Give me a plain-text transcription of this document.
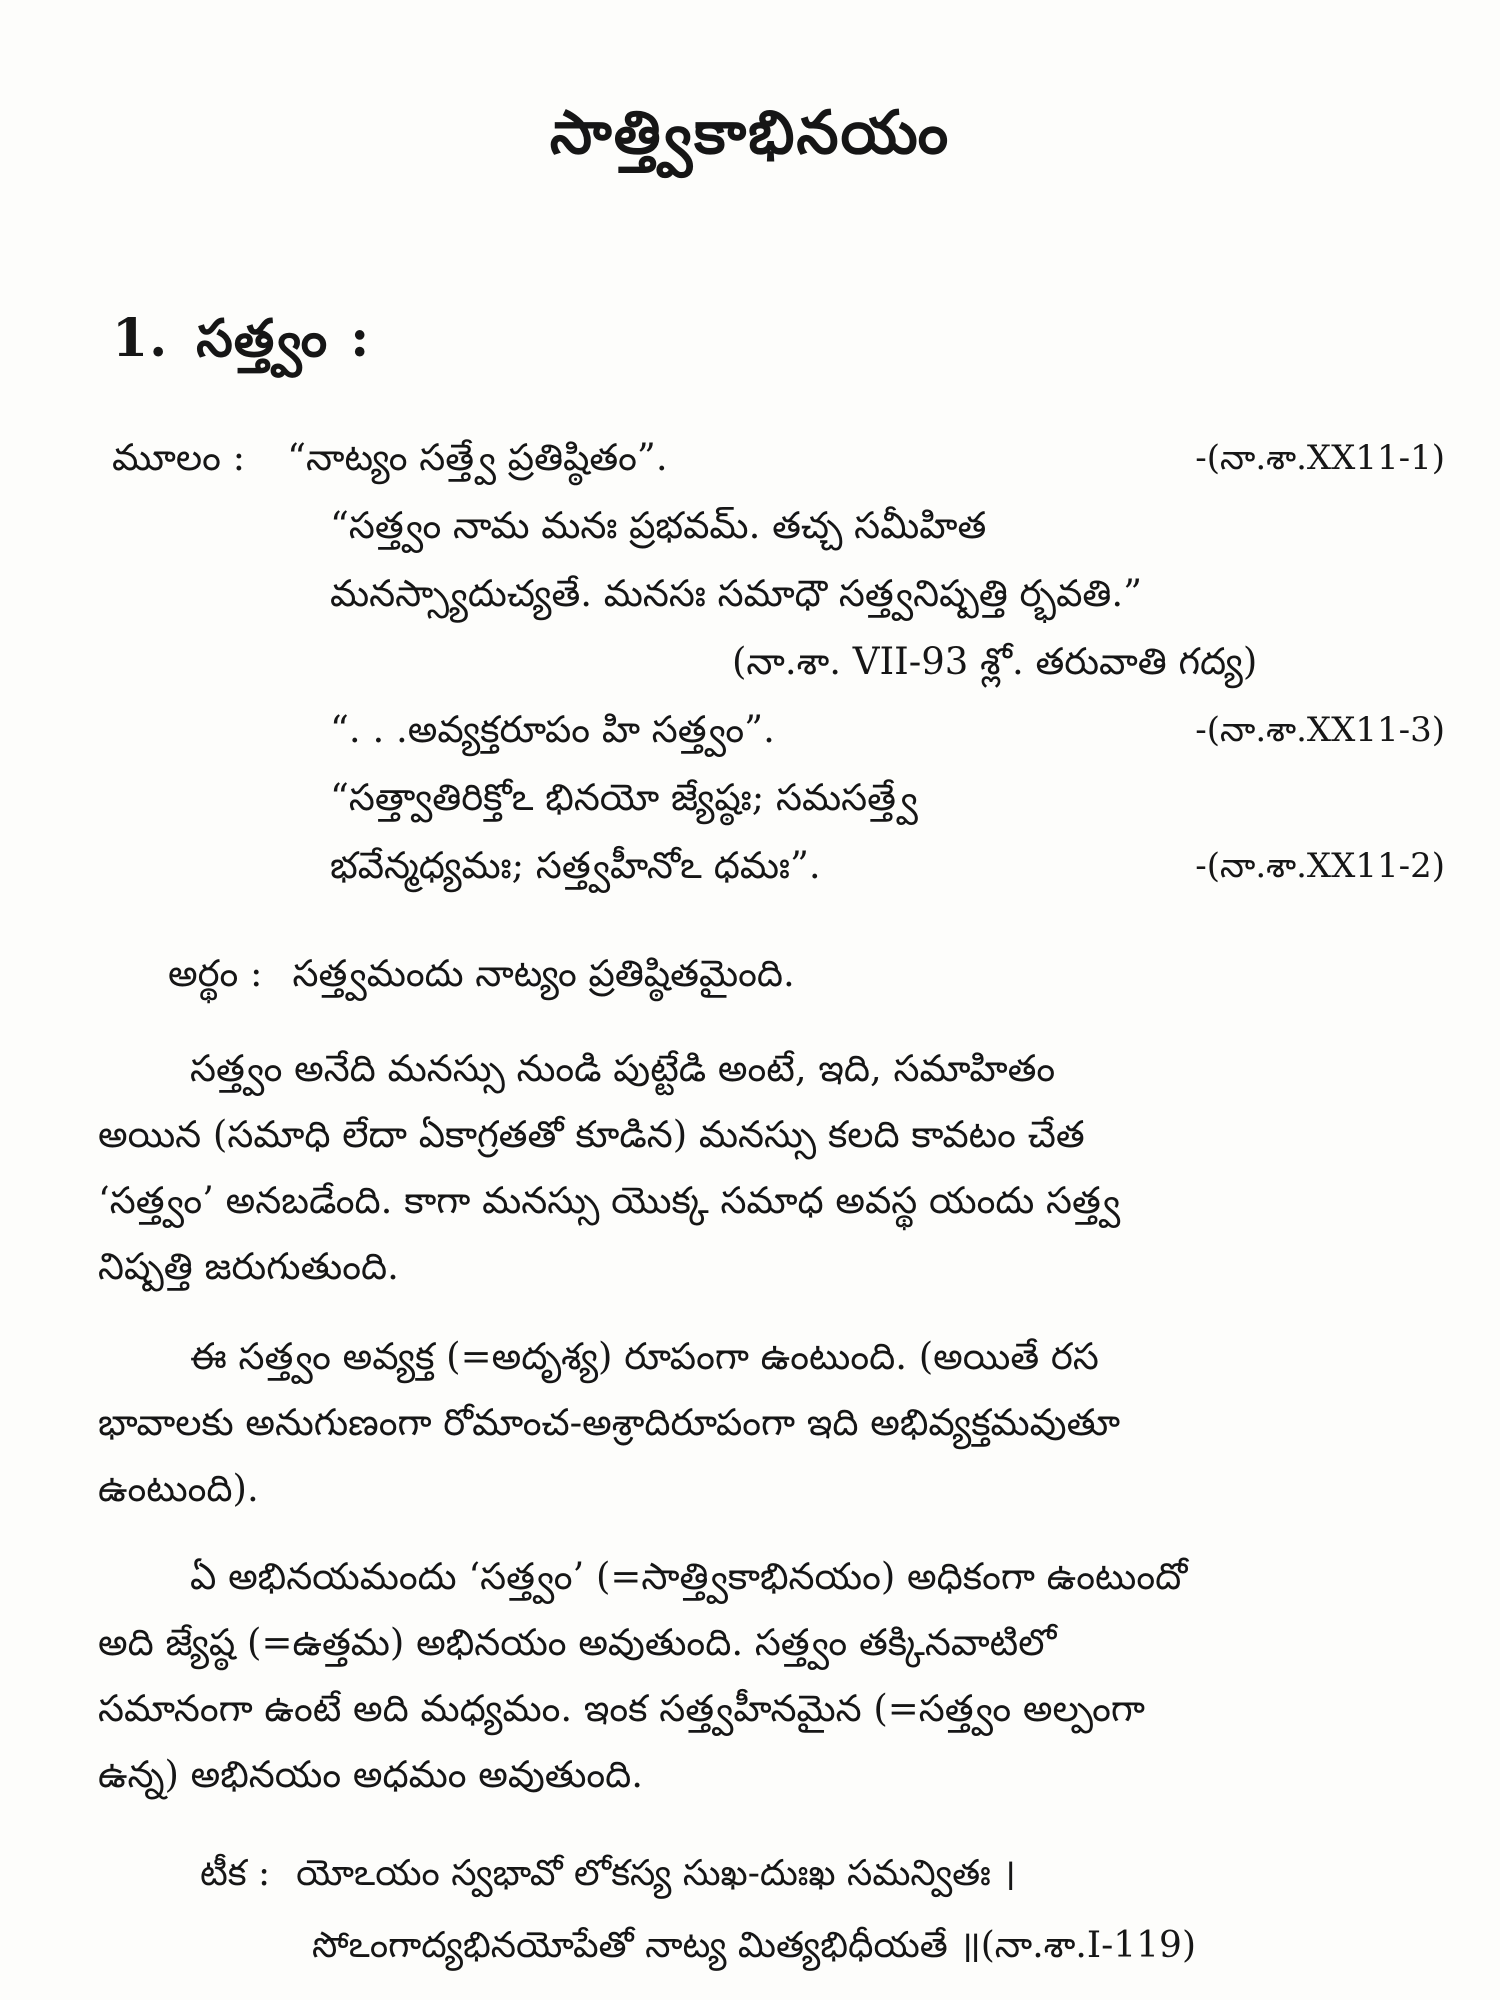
సాత్త్వికాభినయం
1. సత్త్వం :
మూలం : “నాట్యం సత్త్వే ప్రతిష్ఠితం”.	-(నా.శా.XX11-1)
“సత్త్వం నామ మనః ప్రభవమ్. తచ్చ సమీహిత
మనస్స్యాదుచ్యతే. మనసః సమాధౌ సత్త్వనిష్పత్తి ర్భవతి.”
(నా.శా. VII-93 శ్లో. తరువాతి గద్య)
“. . .అవ్యక్తరూపం హి సత్త్వం”.	-(నా.శా.XX11-3)
“సత్త్వాతిరిక్తోఽ భినయో జ్యేష్ఠః; సమసత్త్వే
భవేన్మధ్యమః; సత్త్వహీనోఽ ధమః”.	-(నా.శా.XX11-2)
అర్థం : సత్త్వమందు నాట్యం ప్రతిష్ఠితమైంది.
సత్త్వం అనేది మనస్సు నుండి పుట్టేడి అంటే, ఇది, సమాహితం
అయిన (సమాధి లేదా ఏకాగ్రతతో కూడిన) మనస్సు కలది కావటం చేత
‘సత్త్వం’ అనబడేంది. కాగా మనస్సు యొక్క సమాధ అవస్థ యందు సత్త్వ
నిష్పత్తి జరుగుతుంది.
ఈ సత్త్వం అవ్యక్త (=అదృశ్య) రూపంగా ఉంటుంది. (అయితే రస
భావాలకు అనుగుణంగా రోమాంచ-అశ్రాదిరూపంగా ఇది అభివ్యక్తమవుతూ
ఉంటుంది).
ఏ అభినయమందు ‘సత్త్వం’ (=సాత్త్వికాభినయం) అధికంగా ఉంటుందో
అది జ్యేష్ఠ (=ఉత్తమ) అభినయం అవుతుంది. సత్త్వం తక్కినవాటిలో
సమానంగా ఉంటే అది మధ్యమం. ఇంక సత్త్వహీనమైన (=సత్త్వం అల్పంగా
ఉన్న) అభినయం అధమం అవుతుంది.
టీక : యోఽయం స్వభావో లోకస్య సుఖ-దుఃఖ సమన్వితః ।
సోఽంగాద్యభినయోపేతో నాట్య మిత్యభిధీయతే ॥(నా.శా.I-119)
